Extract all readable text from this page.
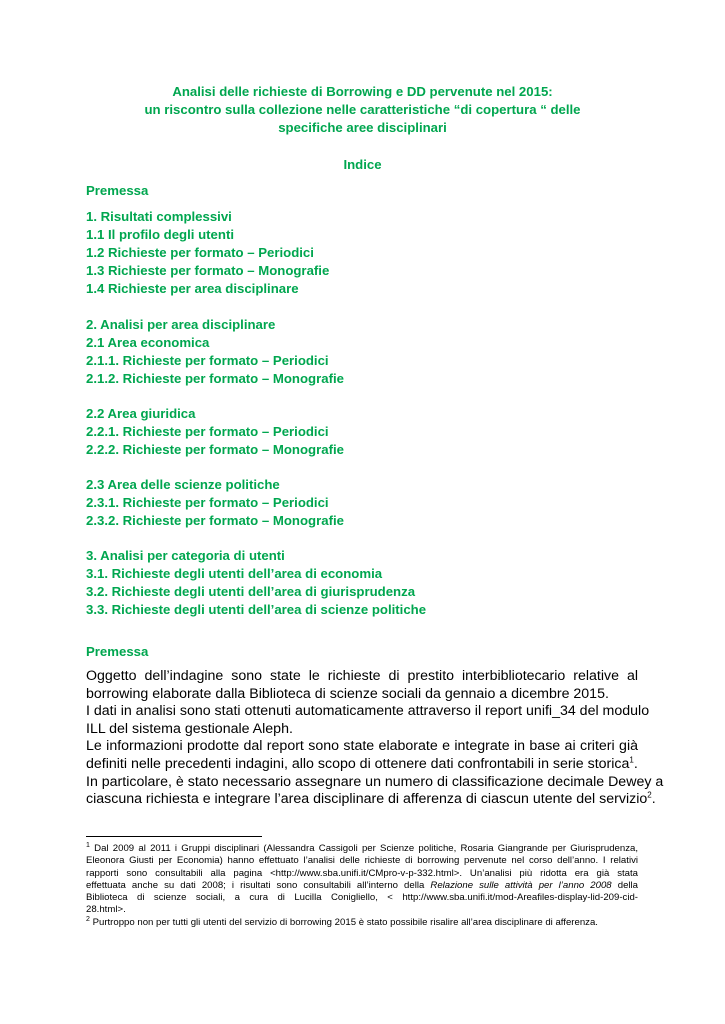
Analisi delle richieste di Borrowing e DD pervenute nel 2015:
un riscontro sulla collezione nelle caratteristiche “di copertura “ delle
specifiche aree disciplinari
Indice
Premessa
1. Risultati complessivi
1.1 Il profilo degli utenti
1.2 Richieste per formato – Periodici
1.3 Richieste per formato – Monografie
1.4 Richieste per area disciplinare
2. Analisi per area disciplinare
2.1 Area economica
2.1.1. Richieste per formato – Periodici
2.1.2. Richieste per formato – Monografie
2.2 Area giuridica
2.2.1. Richieste per formato – Periodici
2.2.2. Richieste per formato – Monografie
2.3 Area delle scienze politiche
2.3.1. Richieste per formato – Periodici
2.3.2. Richieste per formato – Monografie
3. Analisi per categoria di utenti
3.1. Richieste degli utenti dell’area di economia
3.2. Richieste degli utenti dell’area di giurisprudenza
3.3. Richieste degli utenti dell’area di scienze politiche
Premessa
Oggetto dell’indagine sono state le richieste di prestito interbibliotecario relative al
borrowing elaborate dalla Biblioteca di scienze sociali da gennaio a dicembre 2015.
I dati in analisi sono stati ottenuti automaticamente attraverso il report unifi_34 del modulo
ILL del sistema gestionale Aleph.
Le informazioni prodotte dal report sono state elaborate e integrate in base ai criteri già
definiti nelle precedenti indagini, allo scopo di ottenere dati confrontabili in serie storica$^1$.
In particolare, è stato necessario assegnare un numero di classificazione decimale Dewey a
ciascuna richiesta e integrare l’area disciplinare di afferenza di ciascun utente del servizio$^2$.
$^1$ Dal 2009 al 2011 i Gruppi disciplinari (Alessandra Cassigoli per Scienze politiche, Rosaria Giangrande per Giurisprudenza,
Eleonora Giusti per Economia) hanno effettuato l’analisi delle richieste di borrowing pervenute nel corso dell’anno. I relativi
rapporti sono consultabili alla pagina <http://www.sba.unifi.it/CMpro-v-p-332.html>. Un’analisi più ridotta era già stata
effettuata anche su dati 2008; i risultati sono consultabili all’interno della Relazione sulle attività per l’anno 2008 della
Biblioteca di scienze sociali, a cura di Lucilla Conigliello, < http://www.sba.unifi.it/mod-Areafiles-display-lid-209-cid-
28.html>.
$^2$ Purtroppo non per tutti gli utenti del servizio di borrowing 2015 è stato possibile risalire all’area disciplinare di afferenza.
